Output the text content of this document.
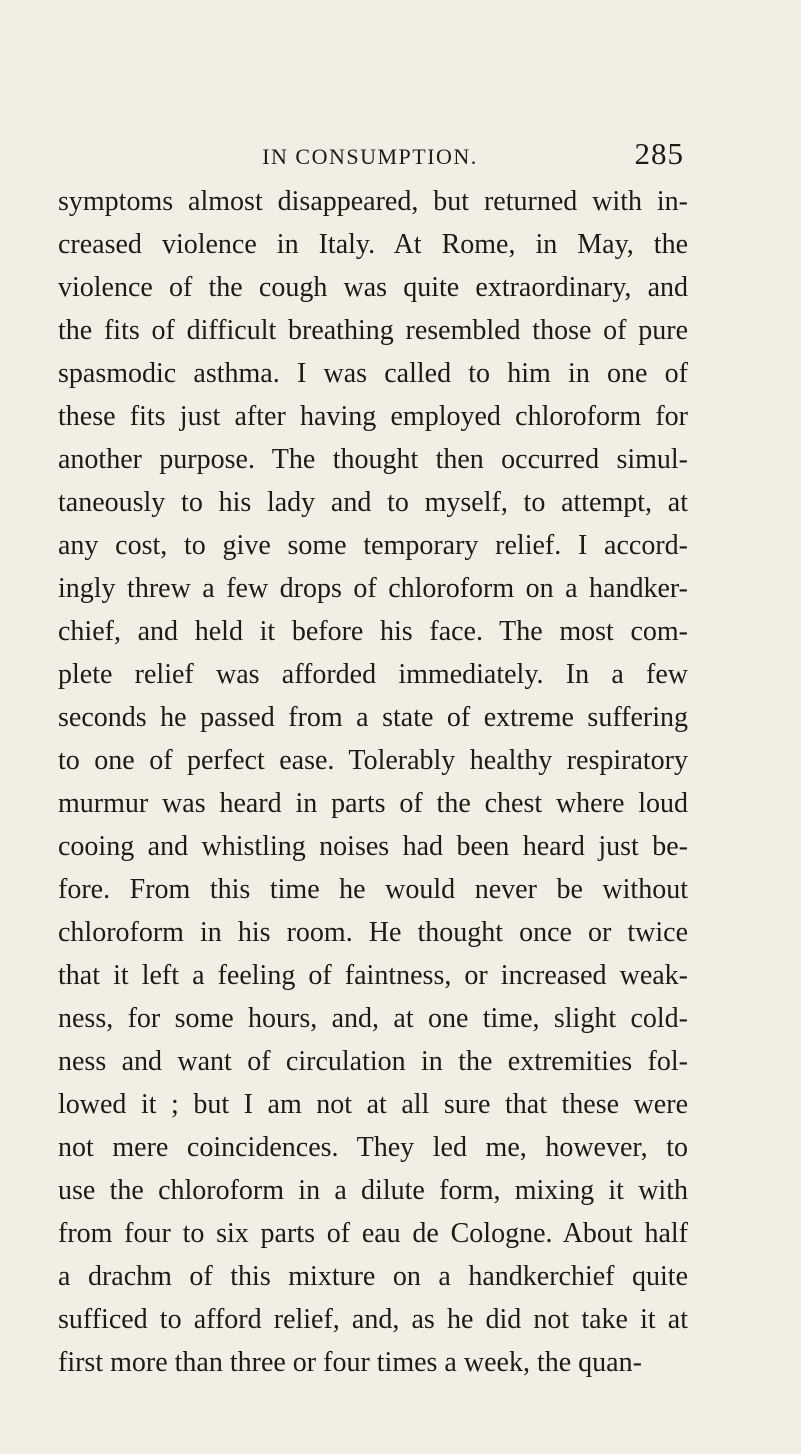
IN CONSUMPTION.	285
symptoms almost disappeared, but returned with in-
creased violence in Italy. At Rome, in May, the
violence of the cough was quite extraordinary, and
the fits of difficult breathing resembled those of pure
spasmodic asthma. I was called to him in one of
these fits just after having employed chloroform for
another purpose. The thought then occurred simul-
taneously to his lady and to myself, to attempt, at
any cost, to give some temporary relief. I accord-
ingly threw a few drops of chloroform on a handker-
chief, and held it before his face. The most com-
plete relief was afforded immediately. In a few
seconds he passed from a state of extreme suffering
to one of perfect ease. Tolerably healthy respiratory
murmur was heard in parts of the chest where loud
cooing and whistling noises had been heard just be-
fore. From this time he would never be without
chloroform in his room. He thought once or twice
that it left a feeling of faintness, or increased weak-
ness, for some hours, and, at one time, slight cold-
ness and want of circulation in the extremities fol-
lowed it ; but I am not at all sure that these were
not mere coincidences. They led me, however, to
use the chloroform in a dilute form, mixing it with
from four to six parts of eau de Cologne. About half
a drachm of this mixture on a handkerchief quite
sufficed to afford relief, and, as he did not take it at
first more than three or four times a week, the quan-
